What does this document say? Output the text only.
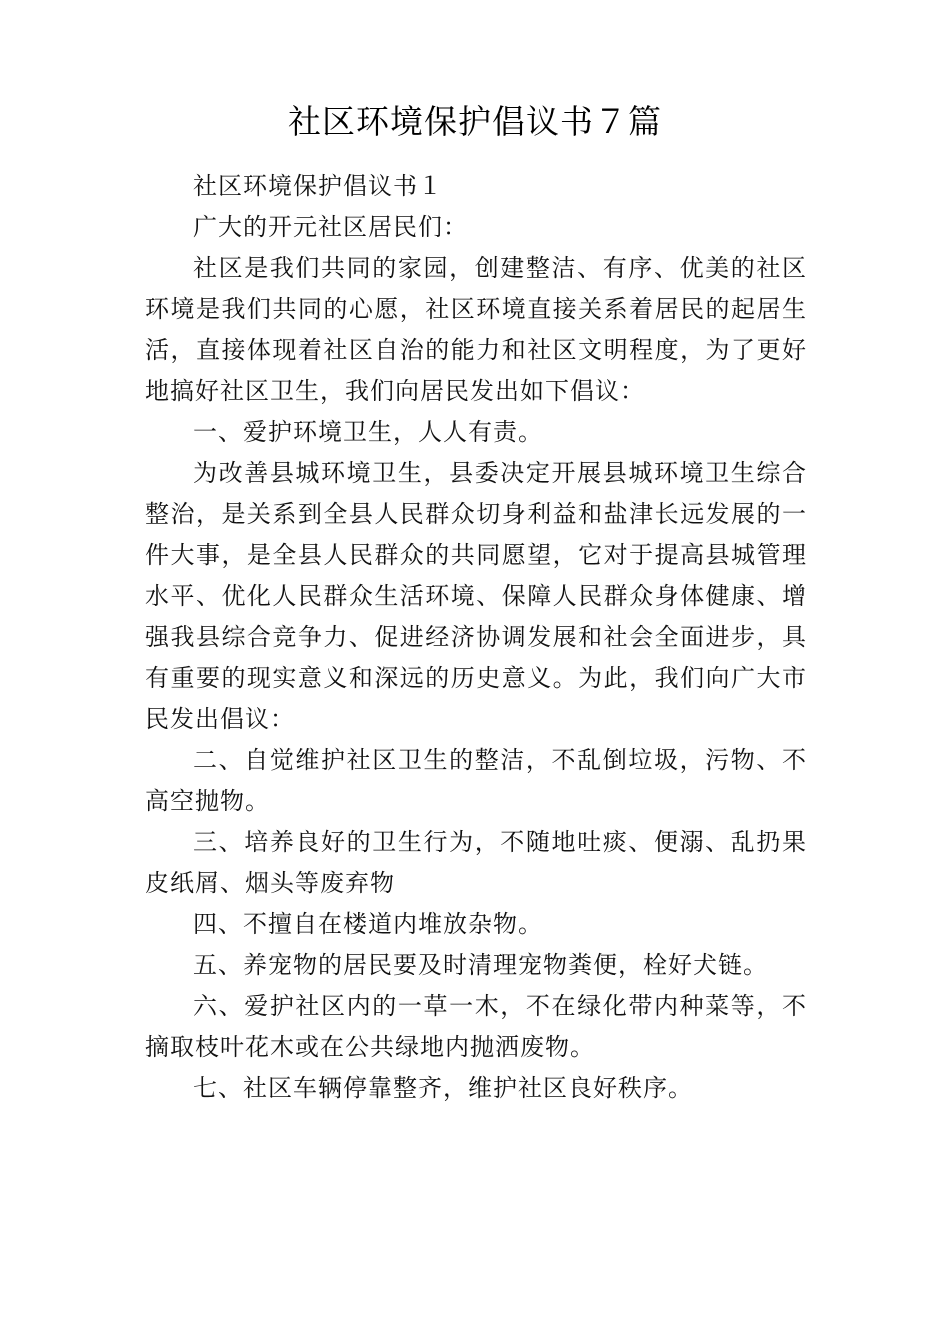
社区环境保护倡议书７篇

社区环境保护倡议书１

广大的开元社区居民们：

社区是我们共同的家园，创建整洁、有序、优美的社区环境是我们共同的心愿，社区环境直接关系着居民的起居生活，直接体现着社区自治的能力和社区文明程度，为了更好地搞好社区卫生，我们向居民发出如下倡议：

一、爱护环境卫生，人人有责。

为改善县城环境卫生，县委决定开展县城环境卫生综合整治，是关系到全县人民群众切身利益和盐津长远发展的一件大事，是全县人民群众的共同愿望，它对于提高县城管理水平、优化人民群众生活环境、保障人民群众身体健康、增强我县综合竞争力、促进经济协调发展和社会全面进步，具有重要的现实意义和深远的历史意义。为此，我们向广大市民发出倡议：

二、自觉维护社区卫生的整洁，不乱倒垃圾，污物、不高空抛物。

三、培养良好的卫生行为，不随地吐痰、便溺、乱扔果皮纸屑、烟头等废弃物

四、不擅自在楼道内堆放杂物。

五、养宠物的居民要及时清理宠物粪便，栓好犬链。

六、爱护社区内的一草一木，不在绿化带内种菜等，不摘取枝叶花木或在公共绿地内抛洒废物。

七、社区车辆停靠整齐，维护社区良好秩序。
